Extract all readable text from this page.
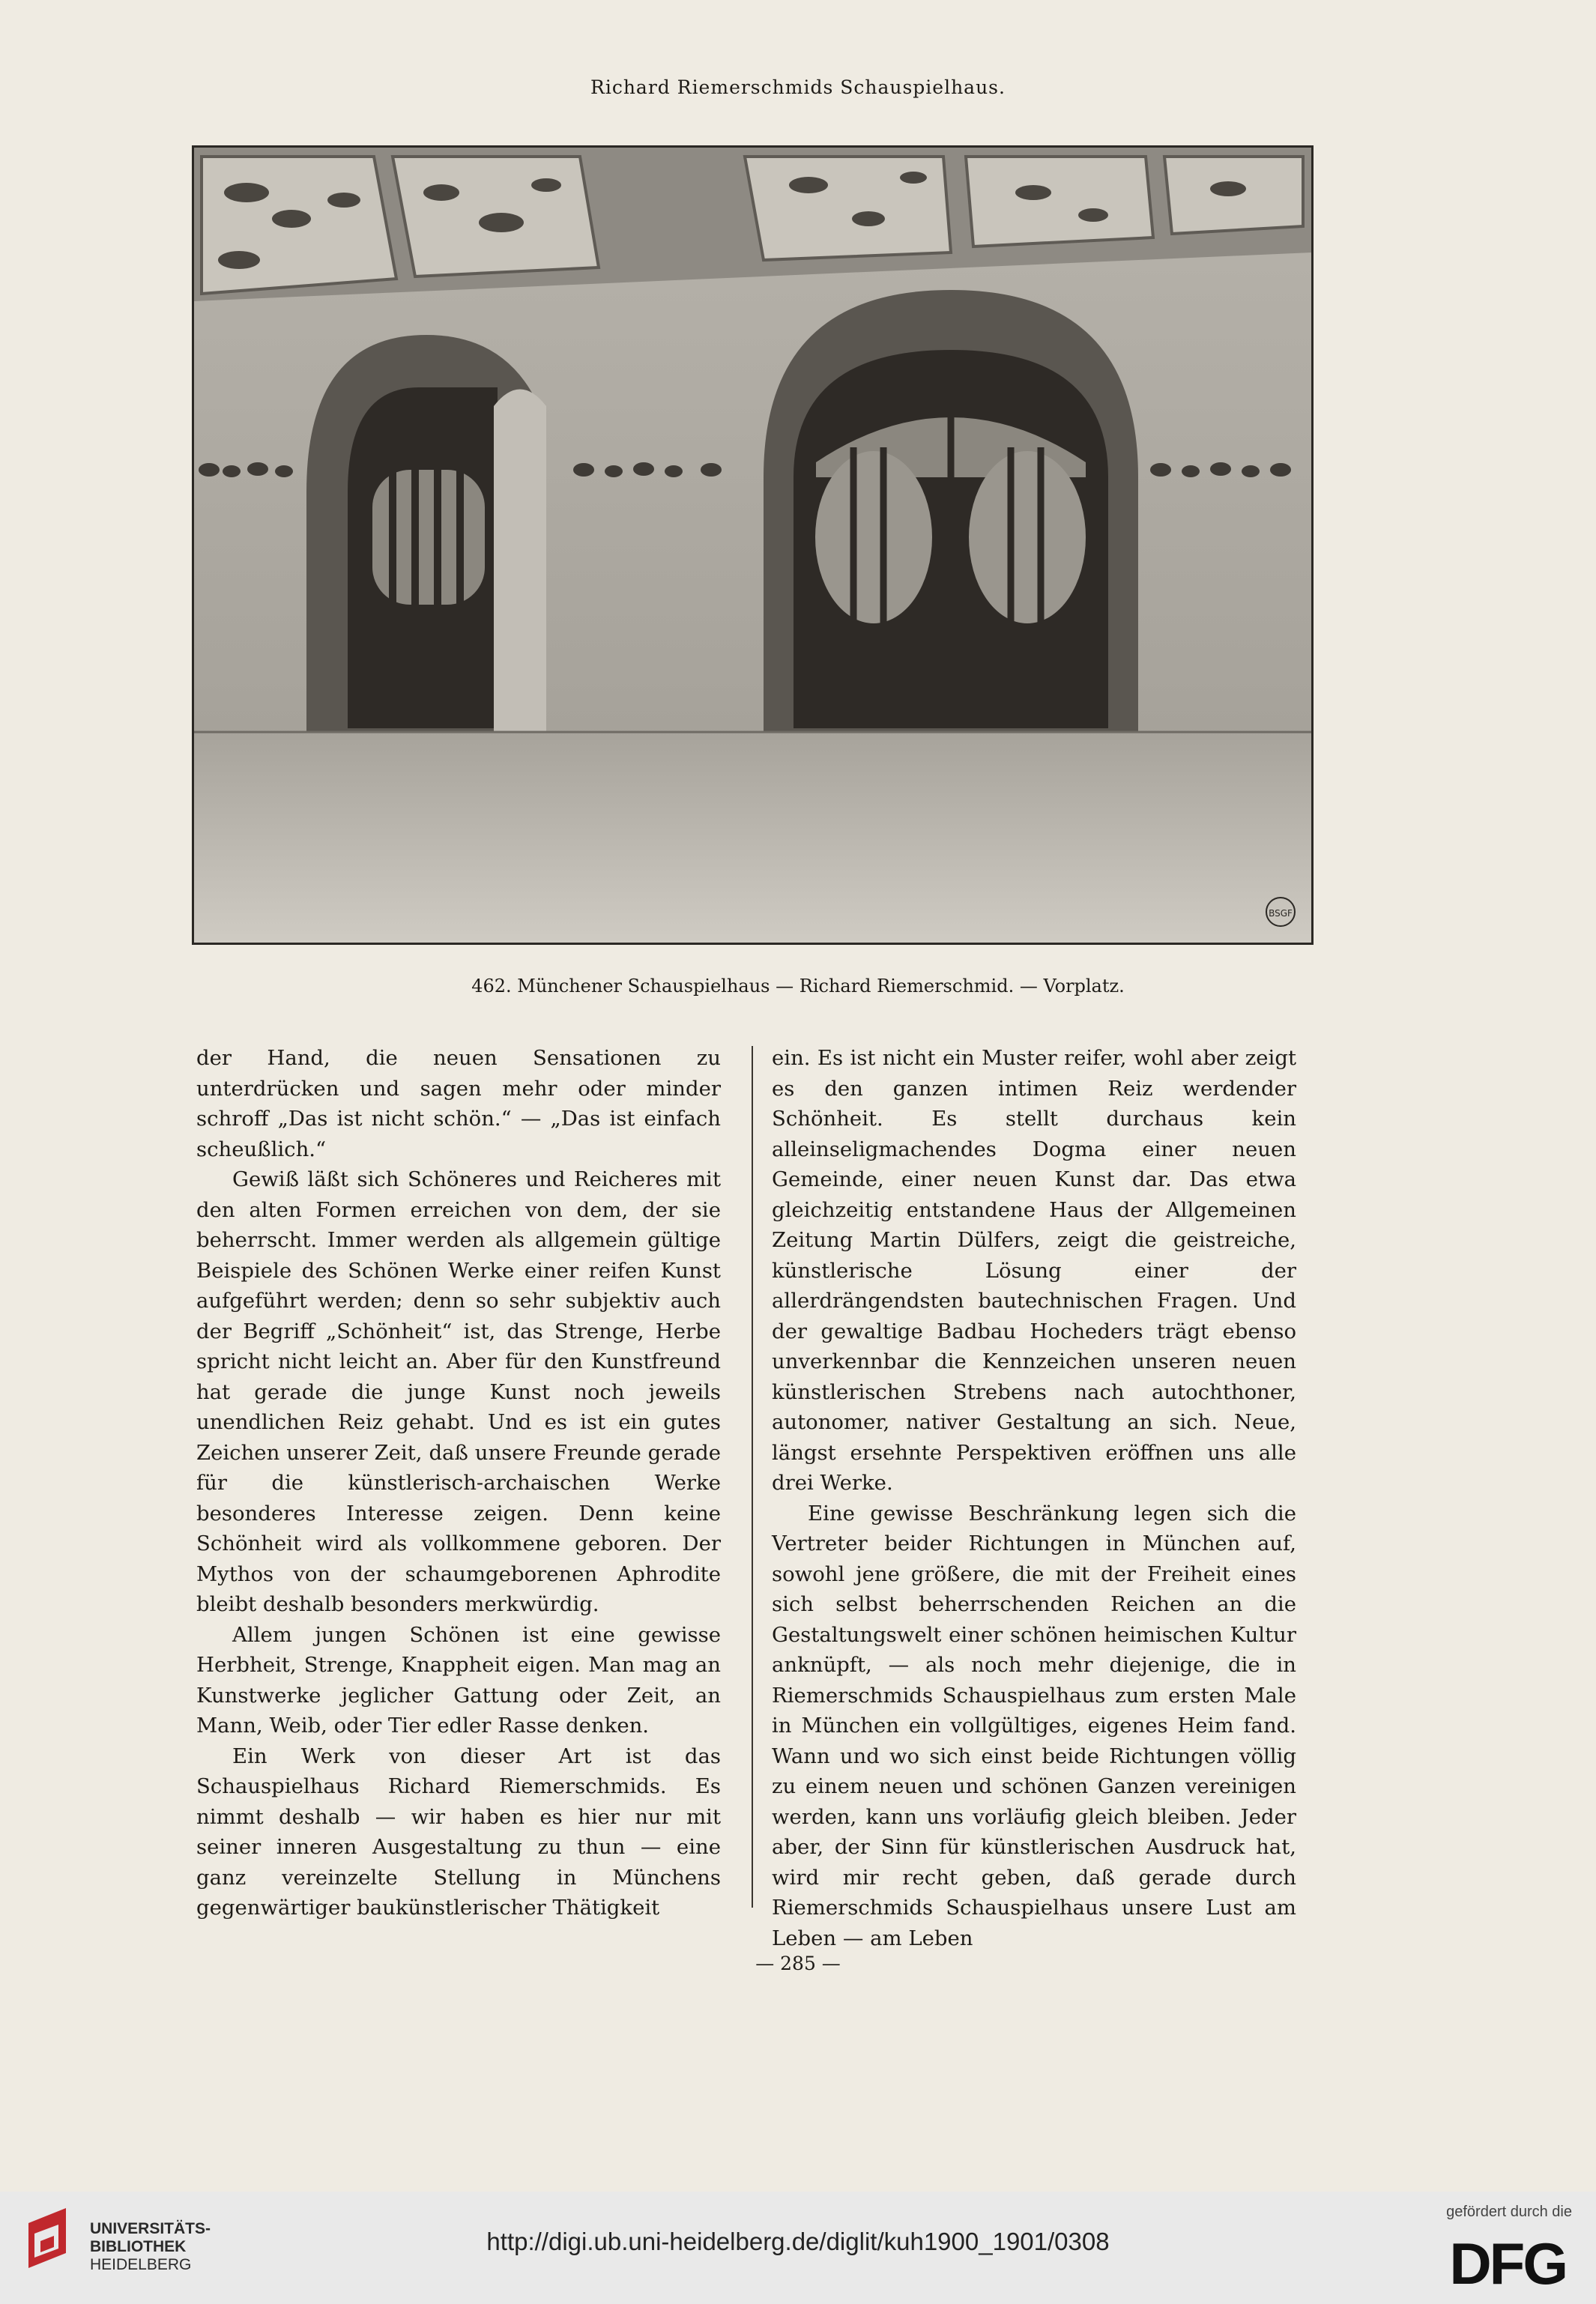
Richard Riemerschmids Schauspielhaus.
BSGF
462. Münchener Schauspielhaus — Richard Riemerschmid. — Vorplatz.

der Hand, die neuen Sensationen zu unterdrücken und sagen mehr oder minder schroff „Das ist nicht schön.“ — „Das ist einfach scheußlich.“

Gewiß läßt sich Schöneres und Reicheres mit den alten Formen erreichen von dem, der sie beherrscht. Immer werden als allgemein gültige Beispiele des Schönen Werke einer reifen Kunst aufgeführt werden; denn so sehr subjektiv auch der Begriff „Schönheit“ ist, das Strenge, Herbe spricht nicht leicht an. Aber für den Kunstfreund hat gerade die junge Kunst noch jeweils unendlichen Reiz gehabt. Und es ist ein gutes Zeichen unserer Zeit, daß unsere Freunde gerade für die künstlerisch-archaischen Werke besonderes Interesse zeigen. Denn keine Schönheit wird als vollkommene geboren. Der Mythos von der schaumgeborenen Aphrodite bleibt deshalb besonders merkwürdig.

Allem jungen Schönen ist eine gewisse Herbheit, Strenge, Knappheit eigen. Man mag an Kunstwerke jeglicher Gattung oder Zeit, an Mann, Weib, oder Tier edler Rasse denken.

Ein Werk von dieser Art ist das Schauspielhaus Richard Riemerschmids. Es nimmt deshalb — wir haben es hier nur mit seiner inneren Ausgestaltung zu thun — eine ganz vereinzelte Stellung in Münchens gegenwärtiger baukünstlerischer Thätigkeit

ein. Es ist nicht ein Muster reifer, wohl aber zeigt es den ganzen intimen Reiz werdender Schönheit. Es stellt durchaus kein alleinseligmachendes Dogma einer neuen Gemeinde, einer neuen Kunst dar. Das etwa gleichzeitig entstandene Haus der Allgemeinen Zeitung Martin Dülfers, zeigt die geistreiche, künstlerische Lösung einer der allerdrängendsten bautechnischen Fragen. Und der gewaltige Badbau Hocheders trägt ebenso unverkennbar die Kennzeichen unseren neuen künstlerischen Strebens nach autochthoner, autonomer, nativer Gestaltung an sich. Neue, längst ersehnte Perspektiven eröffnen uns alle drei Werke.

Eine gewisse Beschränkung legen sich die Vertreter beider Richtungen in München auf, sowohl jene größere, die mit der Freiheit eines sich selbst beherrschenden Reichen an die Gestaltungswelt einer schönen heimischen Kultur anknüpft, — als noch mehr diejenige, die in Riemerschmids Schauspielhaus zum ersten Male in München ein vollgültiges, eigenes Heim fand. Wann und wo sich einst beide Richtungen völlig zu einem neuen und schönen Ganzen vereinigen werden, kann uns vorläufig gleich bleiben. Jeder aber, der Sinn für künstlerischen Ausdruck hat, wird mir recht geben, daß gerade durch Riemerschmids Schauspielhaus unsere Lust am Leben — am Leben

— 285 —
UNIVERSITÄTS-
BIBLIOTHEK
HEIDELBERG
http://digi.ub.uni-heidelberg.de/diglit/kuh1900_1901/0308
gefördert durch die
DFG
